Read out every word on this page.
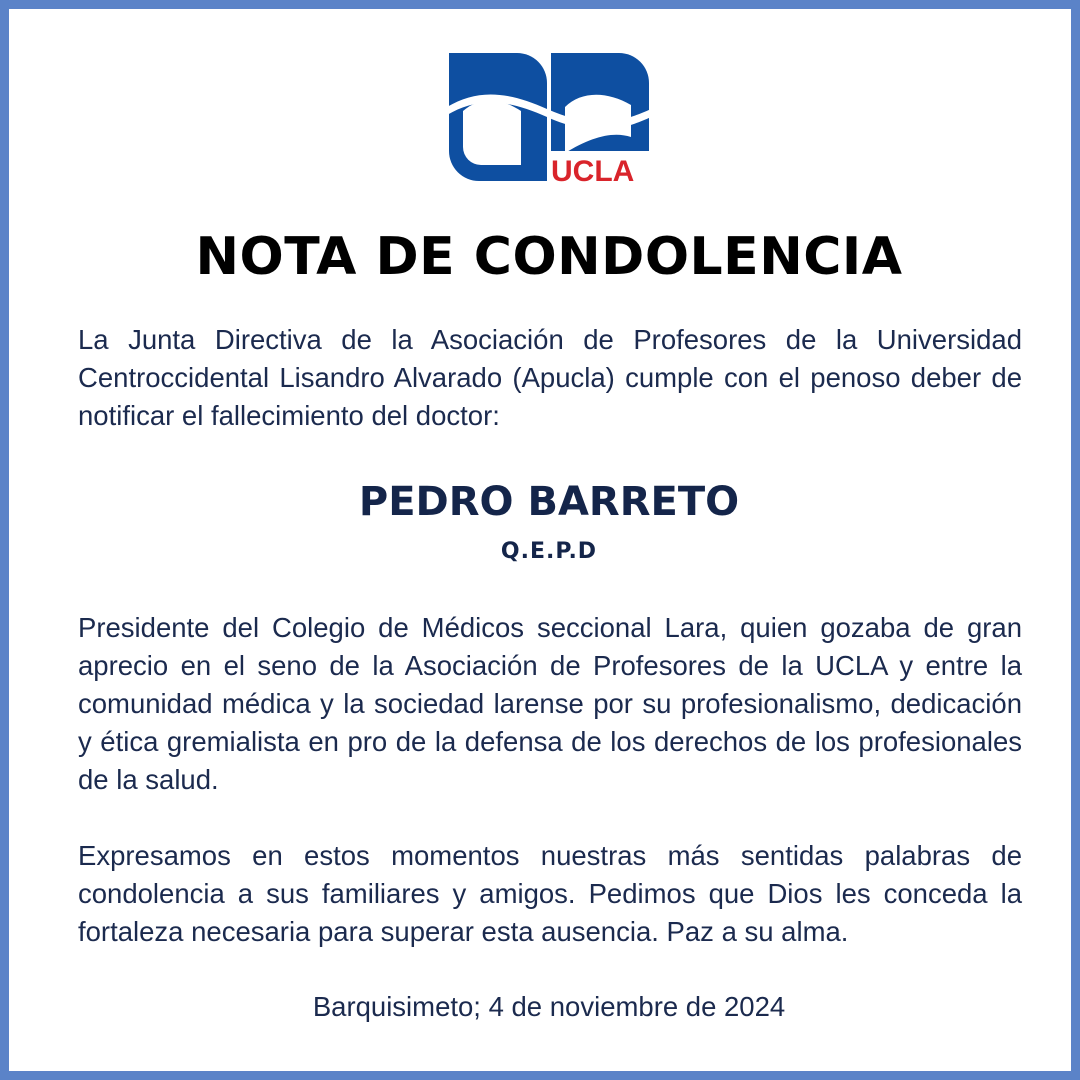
UCLA
NOTA DE CONDOLENCIA

La Junta Directiva de la Asociación de Profesores de la Universidad Centroccidental Lisandro Alvarado (Apucla) cumple con el penoso deber de notificar el fallecimiento del doctor:

PEDRO BARRETO
Q.E.P.D

Presidente del Colegio de Médicos seccional Lara, quien gozaba de gran aprecio en el seno de la Asociación de Profesores de la UCLA y entre la comunidad médica y la sociedad larense por su profesionalismo, dedicación y ética gremialista en pro de la defensa de los derechos de los profesionales de la salud.

Expresamos en estos momentos nuestras más sentidas palabras de condolencia a sus familiares y amigos. Pedimos que Dios les conceda la fortaleza necesaria para superar esta ausencia. Paz a su alma.

Barquisimeto; 4 de noviembre de 2024
